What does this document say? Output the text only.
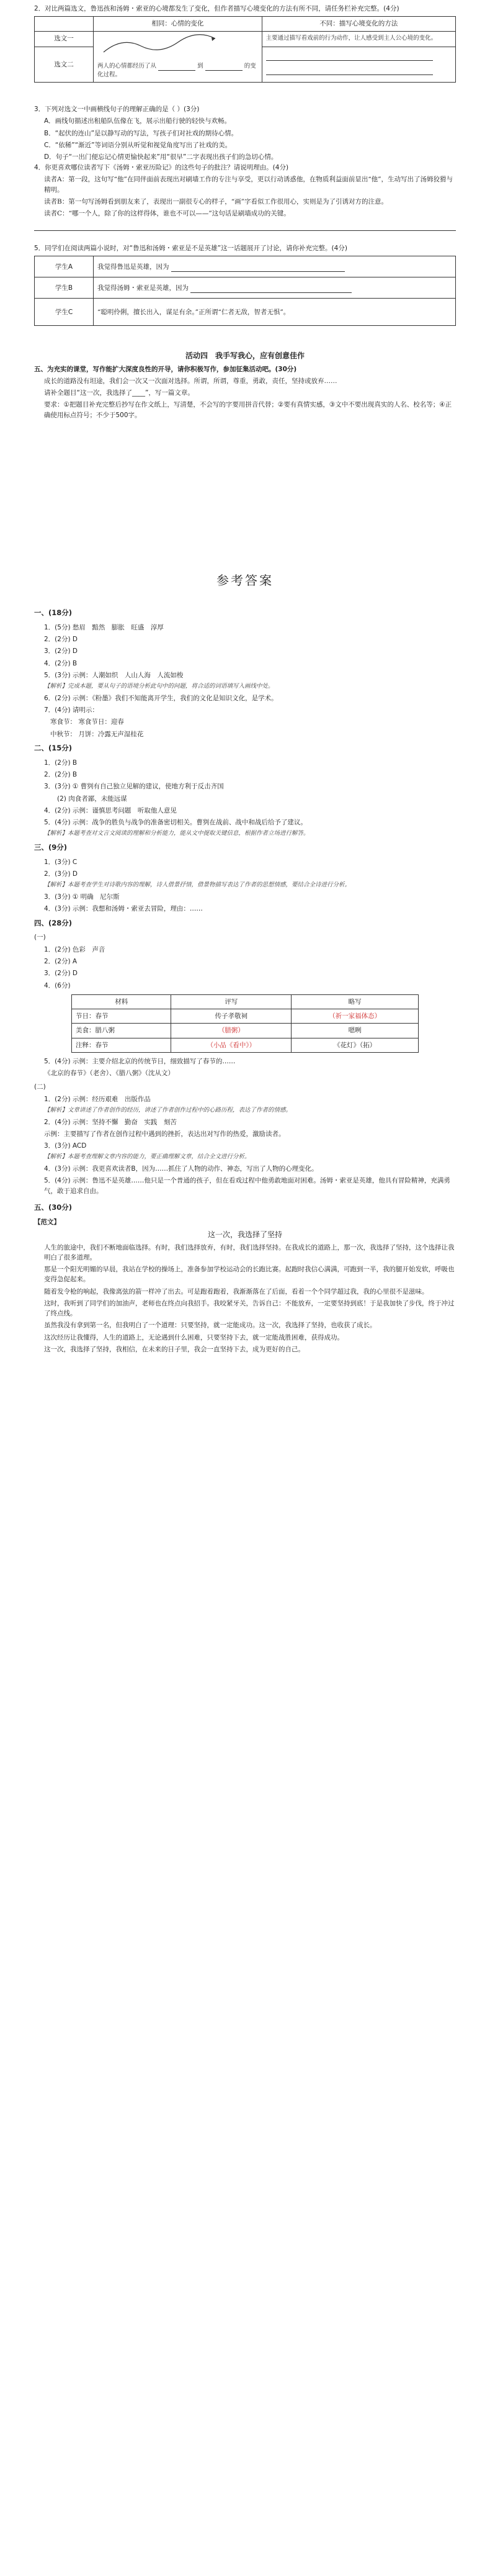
2．对比两篇选文，鲁迅孩和汤姆・索亚的心境都发生了变化，但作者描写心境变化的方法有所不同，请任务栏补充完整。(4分)

	相同：心情的变化	不同：描写心境变化的方法
选文一	两人的心情都经历了从 到 的变化过程。	主要通过描写看戏前的行为动作，让人感受到主人公心境的变化。
选文二		

3．下列对选文一中画横线句子的理解正确的是（ ）(3分)

A．画线句描述出租船队伍像在飞，展示出船行驶的轻快与欢畅。

B．“起伏的连山”是以静写动的写法，写孩子们对社戏的期待心情。

C．“依稀”“渐近”等词语分别从听觉和视觉角度写出了社戏的美。

D．句子“一出门便忘记心情更愉快起来”用“很早”二字表现出孩子们的急切心情。

4．你更喜欢哪位读者写下《汤姆・索亚历险记》的这些句子的批注？请说明理由。(4分)

读者A：第一段，这句写“他”在同伴面前表现出对刷墙工作的专注与享受，更以行动诱惑他，在物质利益面前显出“他”，生动写出了汤姆狡猾与精明。

读者B：第一句写汤姆看到朋友来了，表现出一副很专心的样子，“画”字看似工作很用心，实则是为了引诱对方的注意。

读者C：“哪一个人，除了你的这样得体，谁也不可以——”这句话是刷墙成功的关键。

5．同学们在阅读两篇小说时，对“鲁迅和汤姆・索亚是不是英雄”这一话题展开了讨论，请你补充完整。(4分)

学生A	我觉得鲁迅是英雄，因为
学生B	我觉得汤姆・索亚是英雄，因为
学生C	“聪明伶俐，擅长出入，谋足有余。”正所谓“仁者无敌，智者无惧”。

活动四　我手写我心，应有创意佳作

五、为充实的课堂，写作能扩大深度良性的开导，请你积极写作，参加征集活动吧。(30分)

成长的道路没有坦途，我们会一次又一次面对选择。所谓，所谓，尊重，勇敢，责任，坚持或放弃……

请补全题目“这一次，我选择了____”，写一篇文章。

要求：①把题目补充完整后抄写在作文纸上，写清楚，不会写的字要用拼音代替；②要有真情实感，③文中不要出现真实的人名、校名等；④正确使用标点符号；不少于500字。

参考答案

一、(18分)

1．(5分) 愁眉　黯然　膨胀　旺盛　淳厚

2．(2分) D

3．(2分) D

4．(2分) B

5．(3分) 示例：人潮如织　人山人海　人流如梭

【解析】完成本题，要从句子的语境分析此句中的问题，将合适的词语填写入画线中处。

6．(2分) 示例：《粉墨》我们不知能离开学生，我们的文化是知识文化，是学术。

7．(4分) 请明示：

寒食节： 寒食节日：迎春

中秋节： 月饼：冷露无声湿桂花

二、(15分)

1．(2分) B

2．(2分) B

3．(3分) ① 曹刿有自己独立见解的建议，使地方利于反击齐国

　　(2) 肉食者鄙，未能远谋

4．(2分) 示例：谨慎思考问题　听取他人意见

5．(4分) 示例：战争的胜负与战争的准备密切相关。曹刿在战前、战中和战后给予了建议。

【解析】本题考查对文言文阅读的理解和分析能力，能从文中提取关键信息，根据作者立场进行解答。

三、(9分)

1．(3分) C

2．(3分) D

【解析】本题考查学生对诗歌内容的理解，诗人借景抒情，借景物描写表达了作者的思想情感，要结合全诗进行分析。

3．(3分) ① 明确　尼尔斯

4．(3分) 示例：我想和汤姆・索亚去冒险，理由：……

四、(28分)

(一)

1．(2分) 色彩　声音

2．(2分) A

3．(2分) D

4．(6分)

材料	评写	略写
节日：春节	传子孝敬祠	（祈一家福体态）
美食：腊八粥	（腊粥）	嗯咧
注释：春节	（小品《看中》）	《花灯》（拓）

5．(4分) 示例：主要介绍北京的传统节日，细致描写了春节的……

《北京的春节》（老舍）、《腊八粥》（沈从文）

(二)

1．(2分) 示例：经历艰难　出版作品

【解析】文章讲述了作者创作的经历，讲述了作者创作过程中的心路历程，表达了作者的情感。

2．(4分) 示例：坚持不懈　勤奋　实践　刻苦

示例：主要描写了作者在创作过程中遇到的挫折，表达出对写作的热爱，激励读者。

3．(3分) ACD

【解析】本题考查理解文章内容的能力，要正确理解文章，结合全文进行分析。

4．(3分) 示例：我更喜欢读者B，因为……抓住了人物的动作、神态，写出了人物的心理变化。

5．(4分) 示例：鲁迅不是英雄……他只是一个普通的孩子，但在看戏过程中他勇敢地面对困难。汤姆・索亚是英雄，他具有冒险精神，充满勇气，敢于追求自由。

五、(30分)

【范文】

这一次，我选择了坚持

人生的旅途中，我们不断地面临选择。有时，我们选择放弃，有时，我们选择坚持。在我成长的道路上，那一次，我选择了坚持，这个选择让我明白了很多道理。

那是一个阳光明媚的早晨，我站在学校的操场上，准备参加学校运动会的长跑比赛。起跑时我信心满满，可跑到一半，我的腿开始发软，呼吸也变得急促起来。

随着发令枪的响起，我像离弦的箭一样冲了出去。可是跑着跑着，我渐渐落在了后面，看着一个个同学超过我，我的心里很不是滋味。

这时，我听到了同学们的加油声，老师也在终点向我招手。我咬紧牙关，告诉自己：不能放弃，一定要坚持到底！于是我加快了步伐，终于冲过了终点线。

虽然我没有拿到第一名，但我明白了一个道理：只要坚持，就一定能成功。这一次，我选择了坚持，也收获了成长。

这次经历让我懂得，人生的道路上，无论遇到什么困难，只要坚持下去，就一定能战胜困难，获得成功。

这一次，我选择了坚持，我相信，在未来的日子里，我会一直坚持下去，成为更好的自己。
